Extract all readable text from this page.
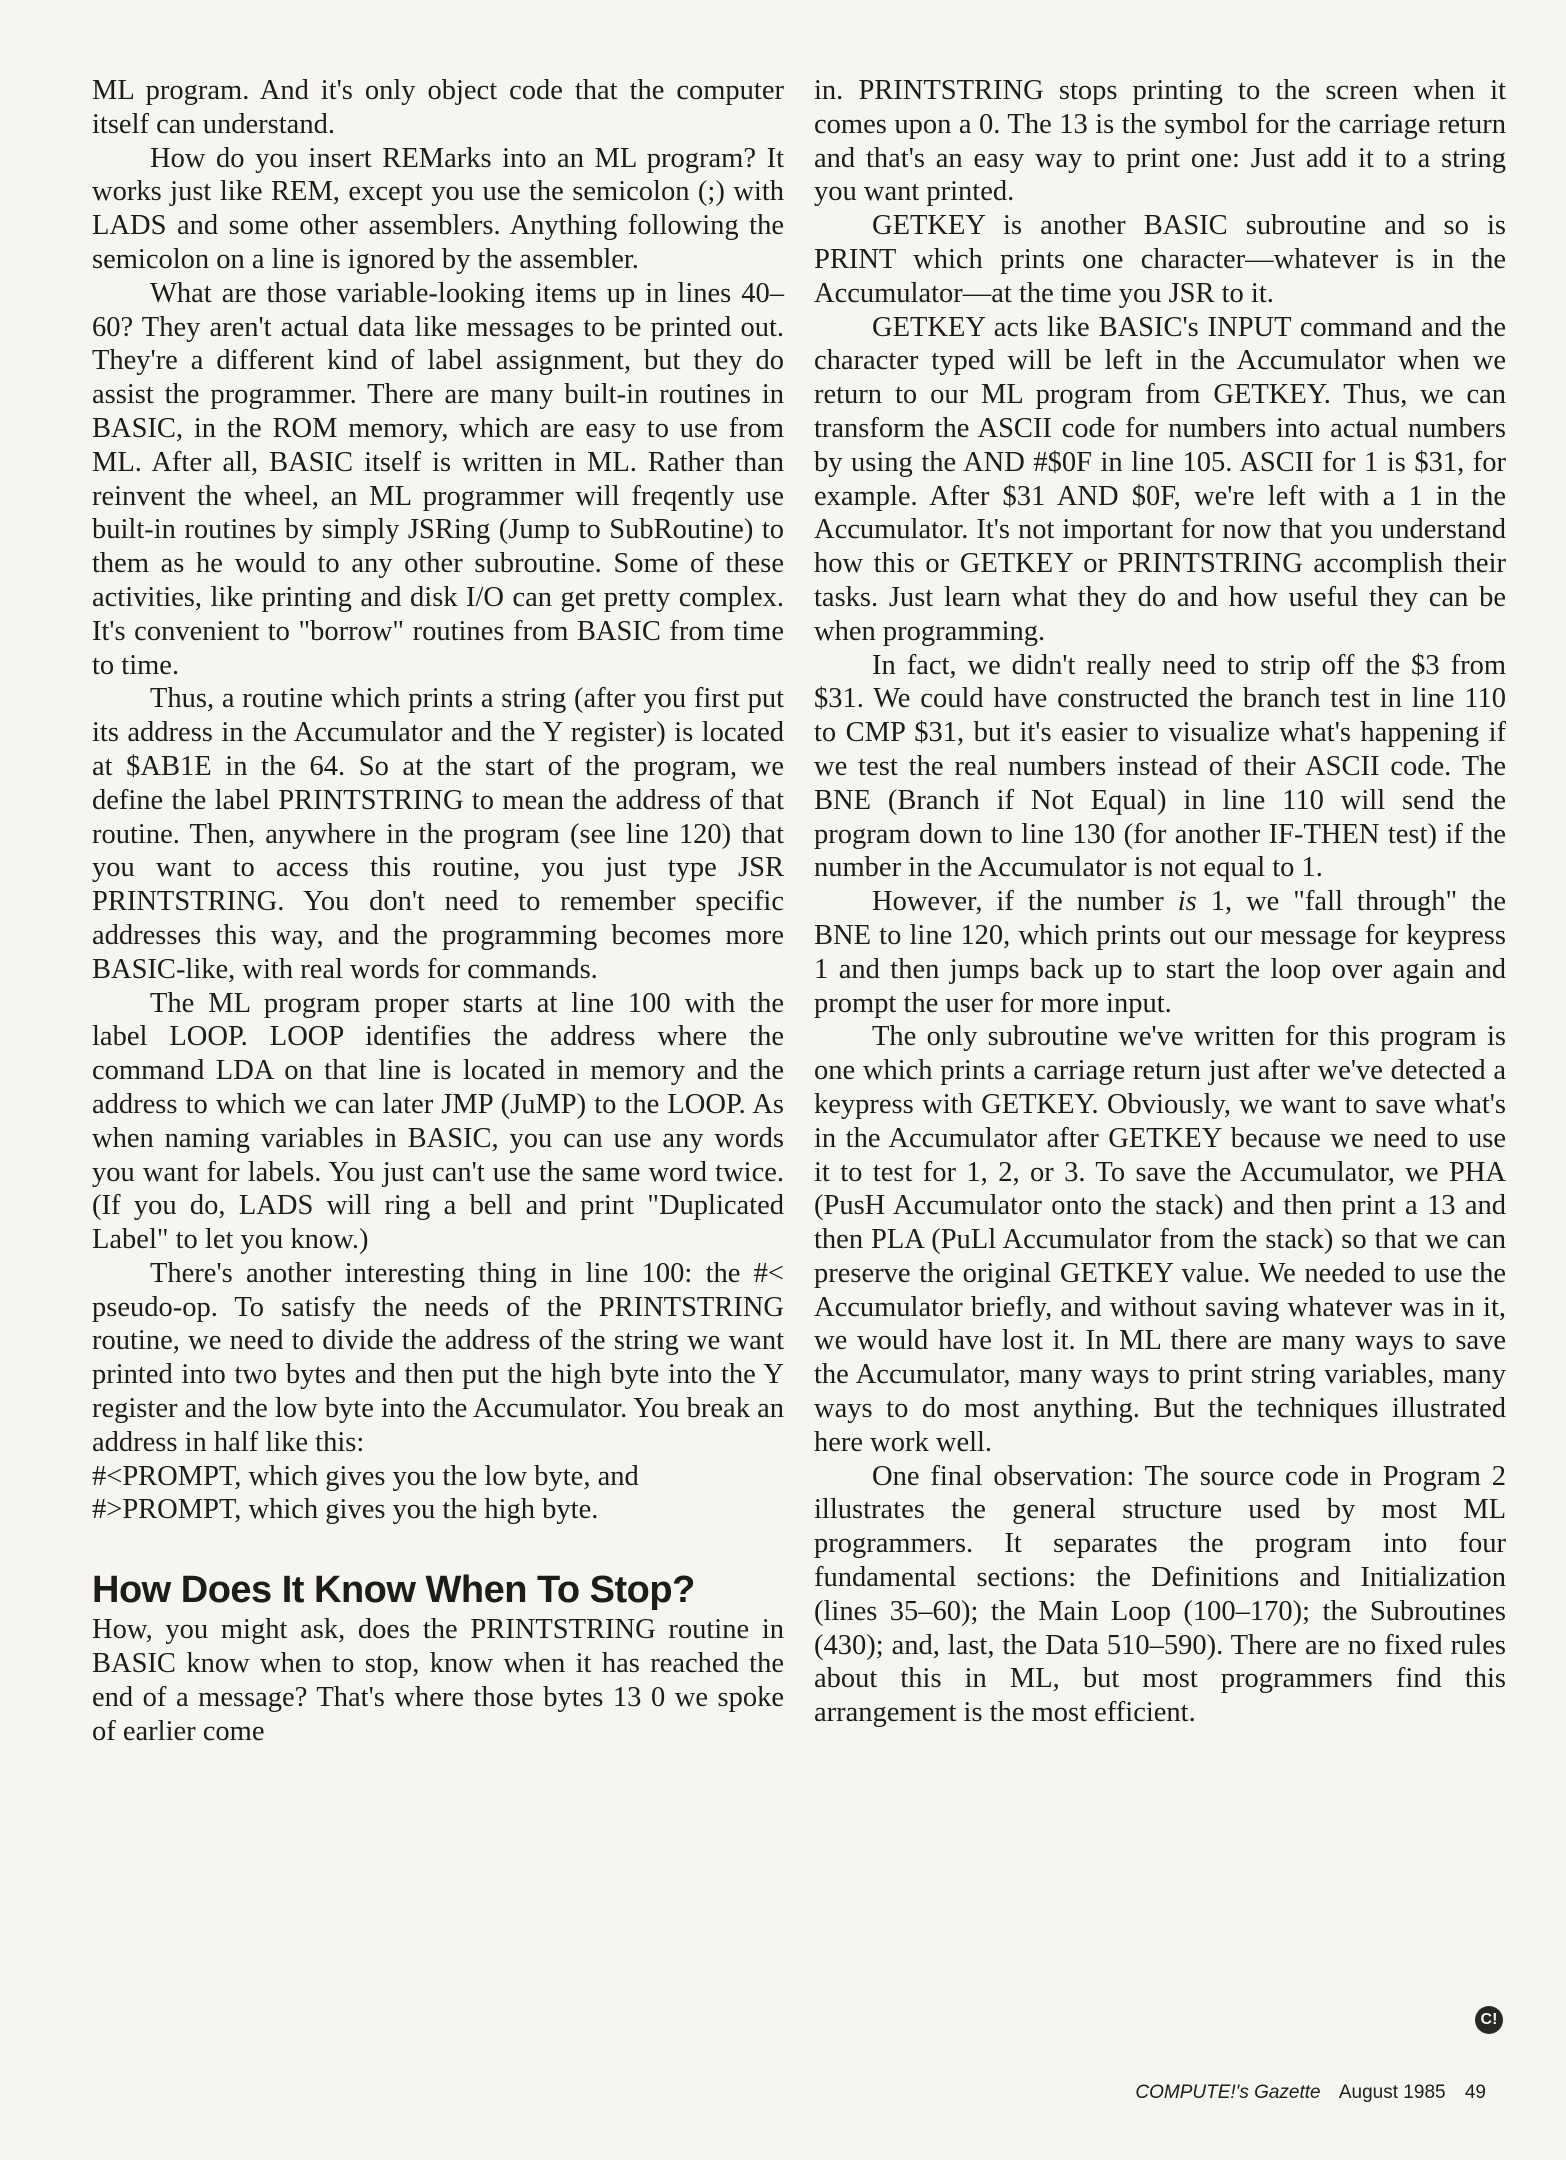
ML program. And it's only object code that the computer itself can understand.

How do you insert REMarks into an ML program? It works just like REM, except you use the semicolon (;) with LADS and some other assemblers. Anything following the semicolon on a line is ignored by the assembler.

What are those variable-looking items up in lines 40–60? They aren't actual data like messages to be printed out. They're a different kind of label assignment, but they do assist the programmer. There are many built-in routines in BASIC, in the ROM memory, which are easy to use from ML. After all, BASIC itself is written in ML. Rather than reinvent the wheel, an ML programmer will freqently use built-in routines by simply JSRing (Jump to SubRoutine) to them as he would to any other subroutine. Some of these activities, like printing and disk I/O can get pretty complex. It's convenient to "borrow" routines from BASIC from time to time.

Thus, a routine which prints a string (after you first put its address in the Accumulator and the Y register) is located at $AB1E in the 64. So at the start of the program, we define the label PRINTSTRING to mean the address of that routine. Then, anywhere in the program (see line 120) that you want to access this routine, you just type JSR PRINTSTRING. You don't need to remember specific addresses this way, and the programming becomes more BASIC-like, with real words for commands.

The ML program proper starts at line 100 with the label LOOP. LOOP identifies the address where the command LDA on that line is located in memory and the address to which we can later JMP (JuMP) to the LOOP. As when naming variables in BASIC, you can use any words you want for labels. You just can't use the same word twice. (If you do, LADS will ring a bell and print "Duplicated Label" to let you know.)

There's another interesting thing in line 100: the #< pseudo-op. To satisfy the needs of the PRINTSTRING routine, we need to divide the address of the string we want printed into two bytes and then put the high byte into the Y register and the low byte into the Accumulator. You break an address in half like this:

#<PROMPT, which gives you the low byte, and

#>PROMPT, which gives you the high byte.

How Does It Know When To Stop?

How, you might ask, does the PRINTSTRING routine in BASIC know when to stop, know when it has reached the end of a message? That's where those bytes 13 0 we spoke of earlier come

in. PRINTSTRING stops printing to the screen when it comes upon a 0. The 13 is the symbol for the carriage return and that's an easy way to print one: Just add it to a string you want printed.

GETKEY is another BASIC subroutine and so is PRINT which prints one character—whatever is in the Accumulator—at the time you JSR to it.

GETKEY acts like BASIC's INPUT command and the character typed will be left in the Accumulator when we return to our ML program from GETKEY. Thus, we can transform the ASCII code for numbers into actual numbers by using the AND #$0F in line 105. ASCII for 1 is $31, for example. After $31 AND $0F, we're left with a 1 in the Accumulator. It's not important for now that you understand how this or GETKEY or PRINTSTRING accomplish their tasks. Just learn what they do and how useful they can be when programming.

In fact, we didn't really need to strip off the $3 from $31. We could have constructed the branch test in line 110 to CMP $31, but it's easier to visualize what's happening if we test the real numbers instead of their ASCII code. The BNE (Branch if Not Equal) in line 110 will send the program down to line 130 (for another IF-THEN test) if the number in the Accumulator is not equal to 1.

However, if the number is 1, we "fall through" the BNE to line 120, which prints out our message for keypress 1 and then jumps back up to start the loop over again and prompt the user for more input.

The only subroutine we've written for this program is one which prints a carriage return just after we've detected a keypress with GETKEY. Obviously, we want to save what's in the Accumulator after GETKEY because we need to use it to test for 1, 2, or 3. To save the Accumulator, we PHA (PusH Accumulator onto the stack) and then print a 13 and then PLA (PuLl Accumulator from the stack) so that we can preserve the original GETKEY value. We needed to use the Accumulator briefly, and without saving whatever was in it, we would have lost it. In ML there are many ways to save the Accumulator, many ways to print string variables, many ways to do most anything. But the techniques illustrated here work well.

One final observation: The source code in Program 2 illustrates the general structure used by most ML programmers. It separates the program into four fundamental sections: the Definitions and Initialization (lines 35–60); the Main Loop (100–170); the Subroutines (430); and, last, the Data 510–590). There are no fixed rules about this in ML, but most programmers find this arrangement is the most efficient.

C!
COMPUTE!'s Gazette August 1985 49
